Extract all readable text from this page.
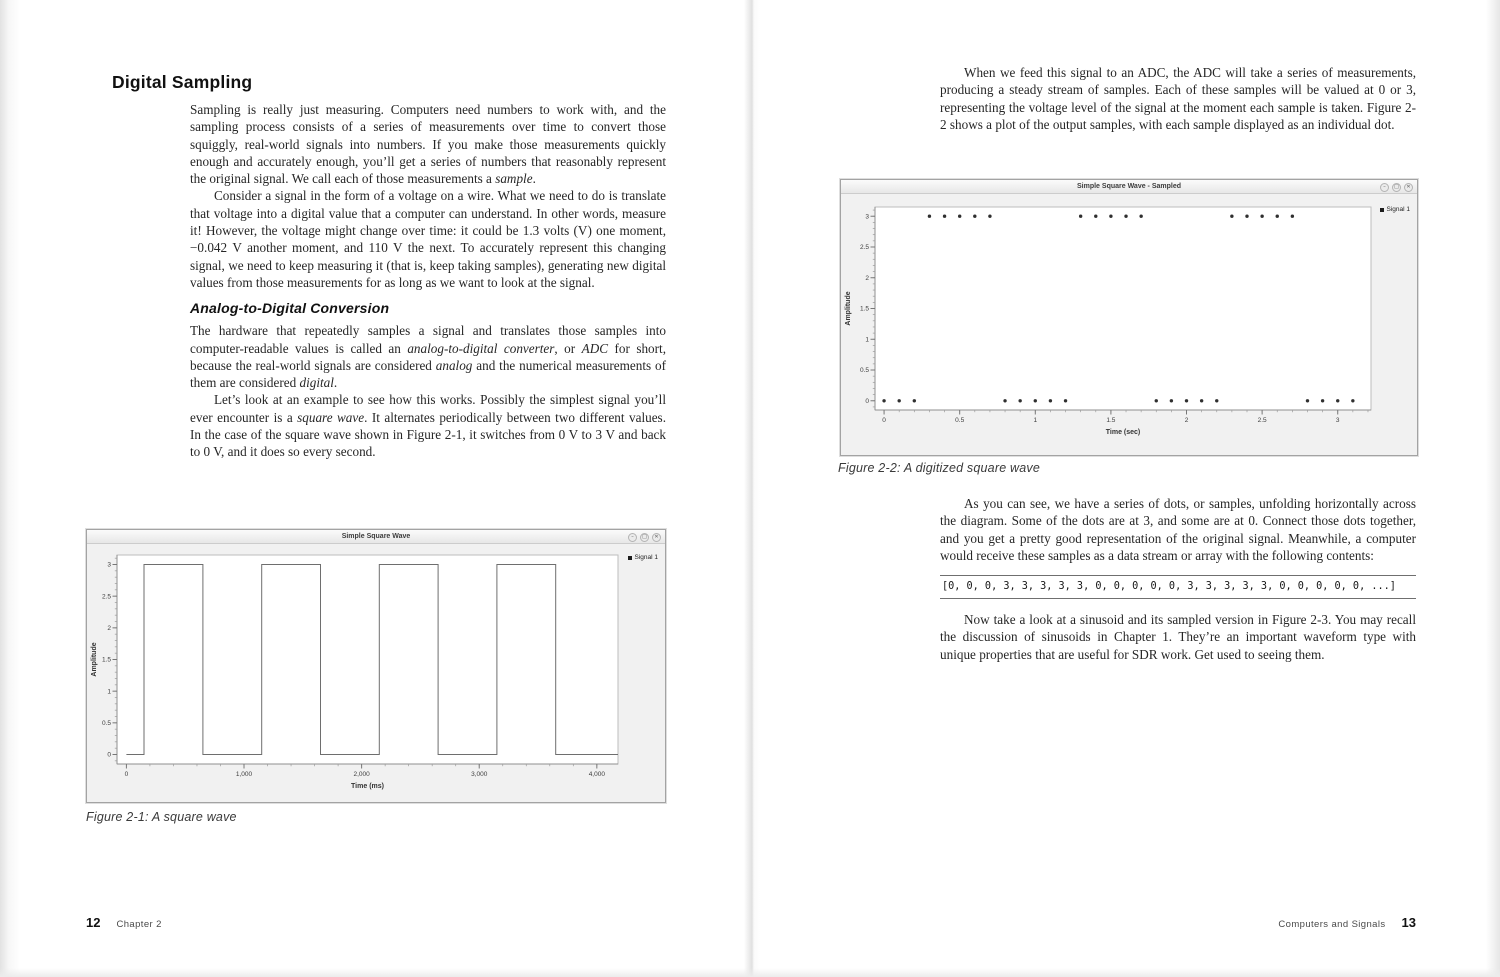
Digital Sampling

Sampling is really just measuring. Computers need numbers to work with, and the sampling process consists of a series of measurements over time to convert those squiggly, real-world signals into numbers. If you make those measurements quickly enough and accurately enough, you’ll get a series of numbers that reasonably represent the original signal. We call each of those measurements a sample.

Consider a signal in the form of a voltage on a wire. What we need to do is translate that voltage into a digital value that a computer can understand. In other words, measure it! However, the voltage might change over time: it could be 1.3 volts (V) one moment, −0.042 V another moment, and 110 V the next. To accurately represent this changing signal, we need to keep measuring it (that is, keep taking samples), generating new digital values from those measurements for as long as we want to look at the signal.

Analog-to-Digital Conversion

The hardware that repeatedly samples a signal and translates those samples into computer-readable values is called an analog-to-digital converter, or ADC for short, because the real-world signals are considered analog and the numerical measurements of them are considered digital.

Let’s look at an example to see how this works. Possibly the simplest signal you’ll ever encounter is a square wave. It alternates periodically between two different values. In the case of the square wave shown in Figure 2-1, it switches from 0 V to 3 V and back to 0 V, and it does so every second.

Simple Square Wave	–	□	✕
0	1,000	2,000	3,000	4,000
0
0.5
1
1.5
2
2.5
3
Time (ms)
Amplitude
Signal 1
Figure 2-1: A square wave
12 Chapter 2

When we feed this signal to an ADC, the ADC will take a series of measurements, producing a steady stream of samples. Each of these samples will be valued at 0 or 3, representing the voltage level of the signal at the moment each sample is taken. Figure 2-2 shows a plot of the output samples, with each sample displayed as an individual dot.

Simple Square Wave - Sampled	–	□	✕
0	0.5	1	1.5	2	2.5	3
0
0.5
1
1.5
2
2.5
3
Time (sec)
Amplitude
Signal 1
Figure 2-2: A digitized square wave

As you can see, we have a series of dots, or samples, unfolding horizontally across the diagram. Some of the dots are at 3, and some are at 0. Connect those dots together, and you get a pretty good representation of the original signal. Meanwhile, a computer would receive these samples as a data stream or array with the following contents:

[0, 0, 0, 3, 3, 3, 3, 3, 0, 0, 0, 0, 0, 3, 3, 3, 3, 3, 0, 0, 0, 0, 0, ...]

Now take a look at a sinusoid and its sampled version in Figure 2-3. You may recall the discussion of sinusoids in Chapter 1. They’re an important waveform type with unique properties that are useful for SDR work. Get used to seeing them.

Computers and Signals 13
